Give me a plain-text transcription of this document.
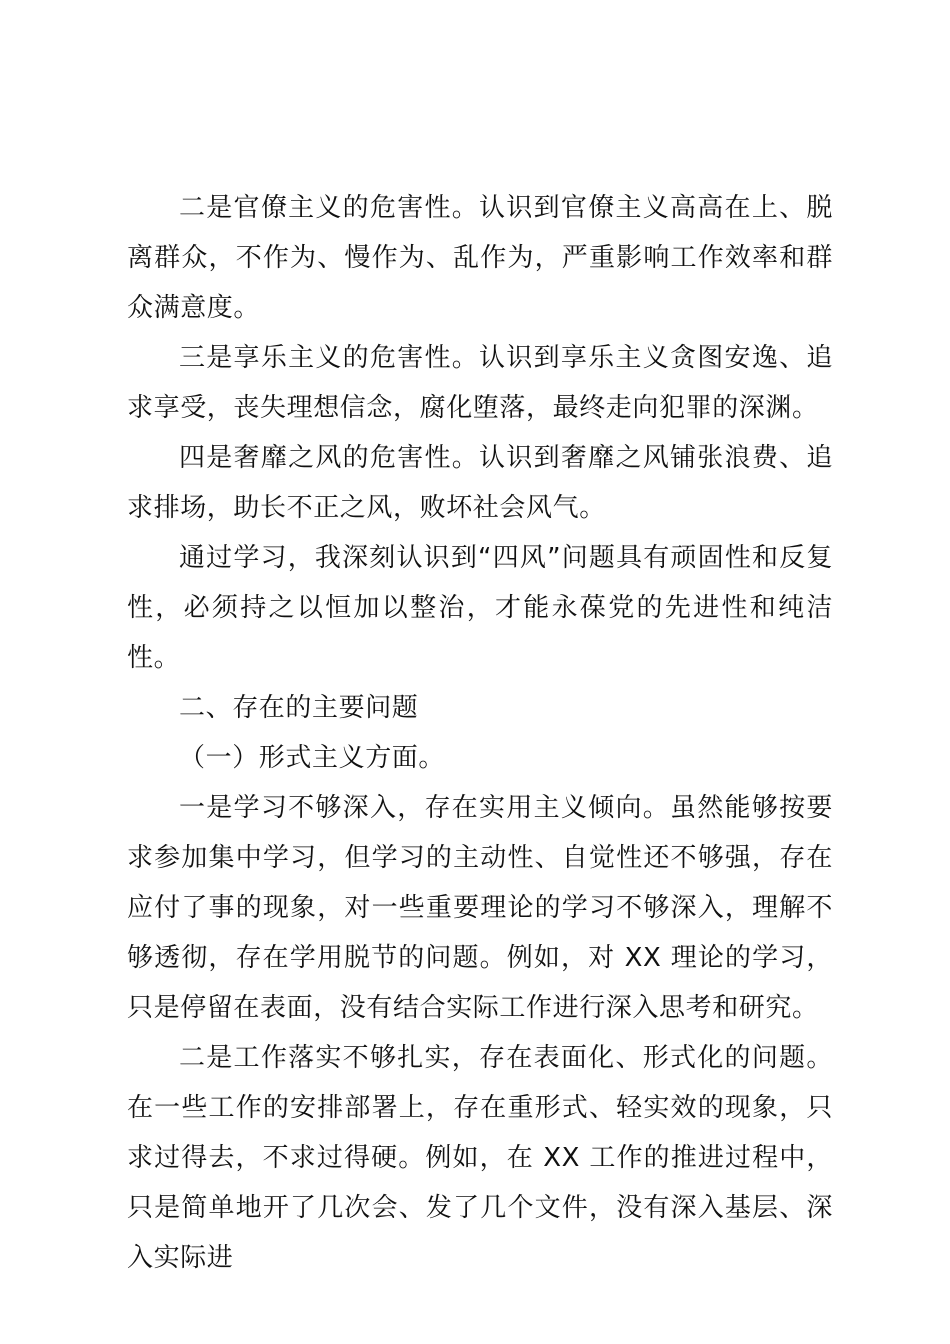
二是官僚主义的危害性。认识到官僚主义高高在上、脱离群众，不作为、慢作为、乱作为，严重影响工作效率和群众满意度。

三是享乐主义的危害性。认识到享乐主义贪图安逸、追求享受，丧失理想信念，腐化堕落，最终走向犯罪的深渊。

四是奢靡之风的危害性。认识到奢靡之风铺张浪费、追求排场，助长不正之风，败坏社会风气。

通过学习，我深刻认识到“四风”问题具有顽固性和反复性，必须持之以恒加以整治，才能永葆党的先进性和纯洁性。

二、存在的主要问题

（一）形式主义方面。

一是学习不够深入，存在实用主义倾向。虽然能够按要求参加集中学习，但学习的主动性、自觉性还不够强，存在应付了事的现象，对一些重要理论的学习不够深入，理解不够透彻，存在学用脱节的问题。例如，对 XX 理论的学习，只是停留在表面，没有结合实际工作进行深入思考和研究。

二是工作落实不够扎实，存在表面化、形式化的问题。在一些工作的安排部署上，存在重形式、轻实效的现象，只求过得去，不求过得硬。例如，在 XX 工作的推进过程中，只是简单地开了几次会、发了几个文件，没有深入基层、深入实际进
